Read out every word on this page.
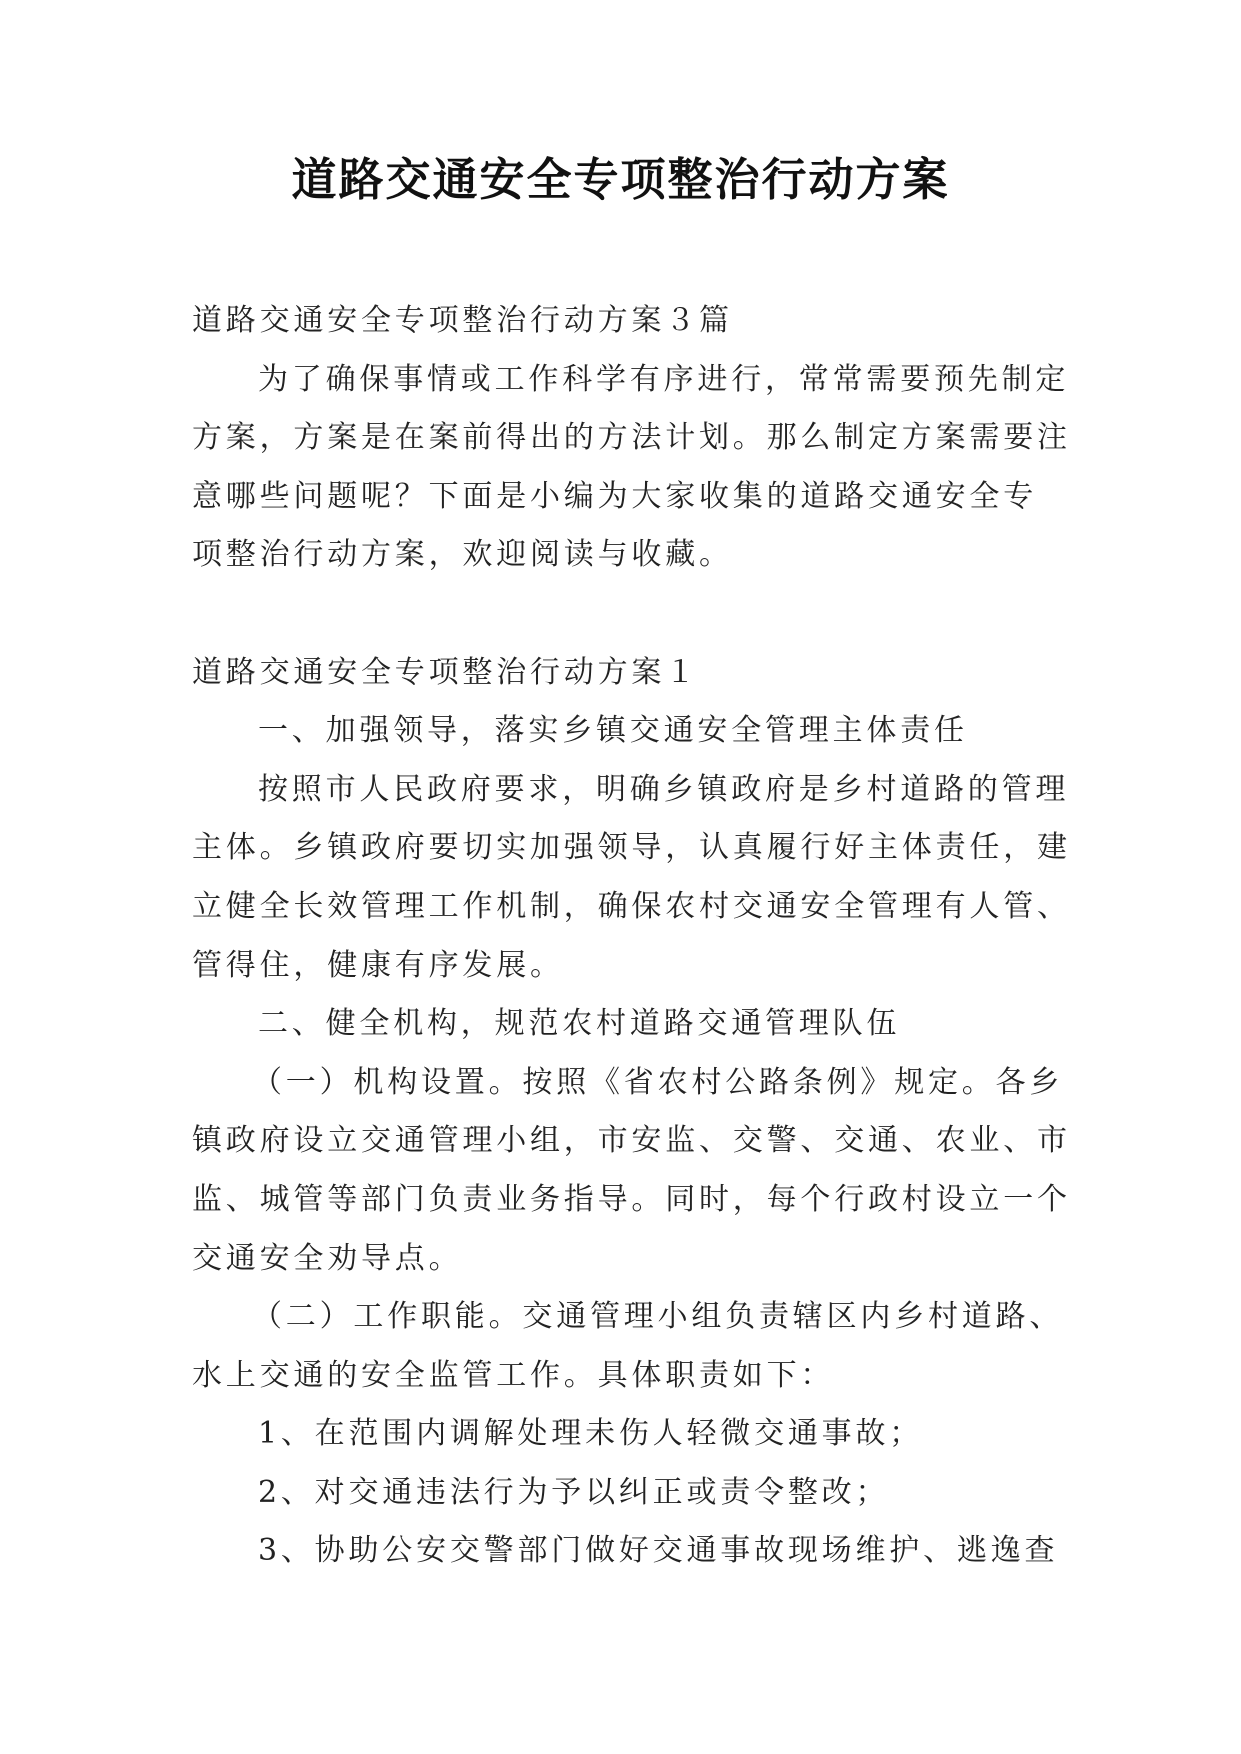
道路交通安全专项整治行动方案
道路交通安全专项整治行动方案３篇
为了确保事情或工作科学有序进行，常常需要预先制定
方案，方案是在案前得出的方法计划。那么制定方案需要注
意哪些问题呢？下面是小编为大家收集的道路交通安全专
项整治行动方案，欢迎阅读与收藏。
道路交通安全专项整治行动方案１
一、加强领导，落实乡镇交通安全管理主体责任
按照市人民政府要求，明确乡镇政府是乡村道路的管理
主体。乡镇政府要切实加强领导，认真履行好主体责任，建
立健全长效管理工作机制，确保农村交通安全管理有人管、
管得住，健康有序发展。
二、健全机构，规范农村道路交通管理队伍
（一）机构设置。按照《省农村公路条例》规定。各乡
镇政府设立交通管理小组，市安监、交警、交通、农业、市
监、城管等部门负责业务指导。同时，每个行政村设立一个
交通安全劝导点。
（二）工作职能。交通管理小组负责辖区内乡村道路、
水上交通的安全监管工作。具体职责如下：
1、在范围内调解处理未伤人轻微交通事故；
2、对交通违法行为予以纠正或责令整改；
3、协助公安交警部门做好交通事故现场维护、逃逸查
